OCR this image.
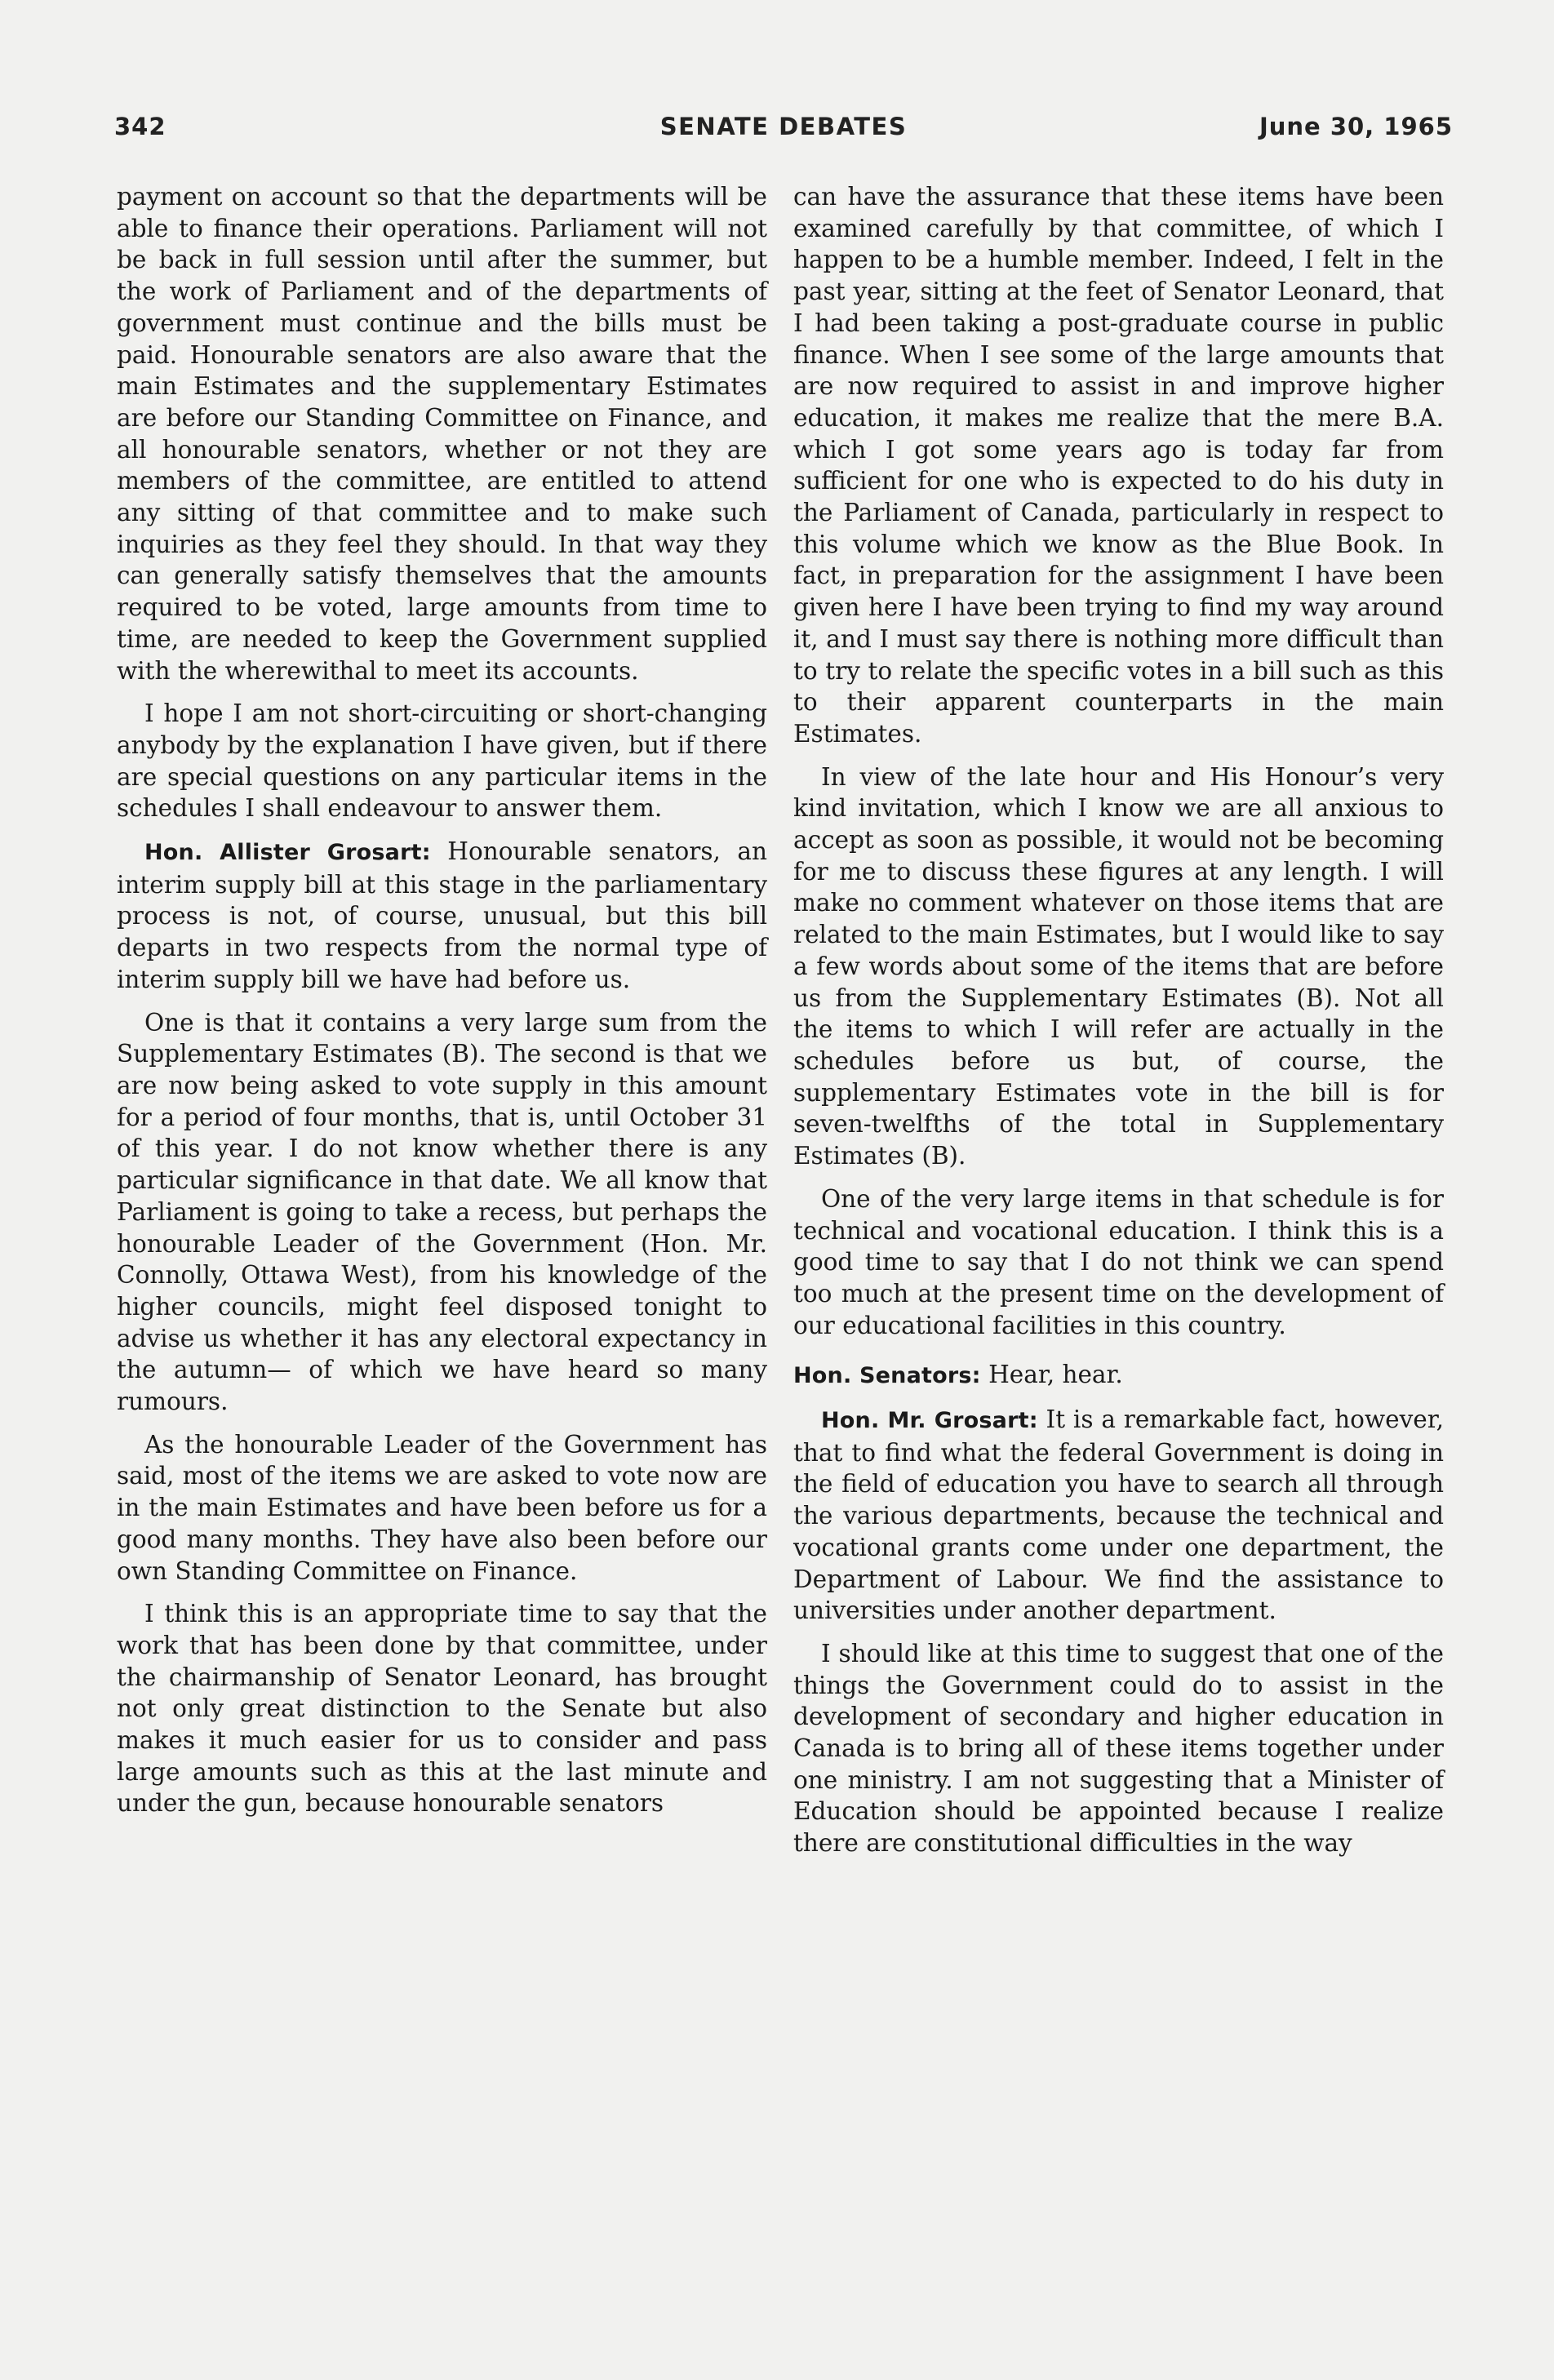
342	SENATE DEBATES	June 30, 1965

payment on account so that the departments will be able to finance their operations. Parliament will not be back in full session until after the summer, but the work of Parliament and of the departments of government must continue and the bills must be paid. Honourable senators are also aware that the main Estimates and the supplementary Estimates are before our Standing Committee on Finance, and all honourable senators, whether or not they are members of the committee, are entitled to attend any sitting of that committee and to make such inquiries as they feel they should. In that way they can generally satisfy themselves that the amounts required to be voted, large amounts from time to time, are needed to keep the Government supplied with the wherewithal to meet its accounts.

I hope I am not short-circuiting or short-changing anybody by the explanation I have given, but if there are special questions on any particular items in the schedules I shall endeavour to answer them.

Hon. Allister Grosart: Honourable senators, an interim supply bill at this stage in the parliamentary process is not, of course, unusual, but this bill departs in two respects from the normal type of interim supply bill we have had before us.

One is that it contains a very large sum from the Supplementary Estimates (B). The second is that we are now being asked to vote supply in this amount for a period of four months, that is, until October 31 of this year. I do not know whether there is any particular significance in that date. We all know that Parliament is going to take a recess, but perhaps the honourable Leader of the Government (Hon. Mr. Connolly, Ottawa West), from his knowledge of the higher councils, might feel disposed tonight to advise us whether it has any electoral expectancy in the autumn— of which we have heard so many rumours.

As the honourable Leader of the Government has said, most of the items we are asked to vote now are in the main Estimates and have been before us for a good many months. They have also been before our own Standing Committee on Finance.

I think this is an appropriate time to say that the work that has been done by that committee, under the chairmanship of Senator Leonard, has brought not only great distinction to the Senate but also makes it much easier for us to consider and pass large amounts such as this at the last minute and under the gun, because honourable senators

can have the assurance that these items have been examined carefully by that committee, of which I happen to be a humble member. Indeed, I felt in the past year, sitting at the feet of Senator Leonard, that I had been taking a post-graduate course in public finance. When I see some of the large amounts that are now required to assist in and improve higher education, it makes me realize that the mere B.A. which I got some years ago is today far from sufficient for one who is expected to do his duty in the Parliament of Canada, particularly in respect to this volume which we know as the Blue Book. In fact, in preparation for the assignment I have been given here I have been trying to find my way around it, and I must say there is nothing more difficult than to try to relate the specific votes in a bill such as this to their apparent counterparts in the main Estimates.

In view of the late hour and His Honour’s very kind invitation, which I know we are all anxious to accept as soon as possible, it would not be becoming for me to discuss these figures at any length. I will make no comment whatever on those items that are related to the main Estimates, but I would like to say a few words about some of the items that are before us from the Supplementary Estimates (B). Not all the items to which I will refer are actually in the schedules before us but, of course, the supplementary Estimates vote in the bill is for seven-twelfths of the total in Supplementary Estimates (B).

One of the very large items in that schedule is for technical and vocational education. I think this is a good time to say that I do not think we can spend too much at the present time on the development of our educational facilities in this country.

Hon. Senators: Hear, hear.

Hon. Mr. Grosart: It is a remarkable fact, however, that to find what the federal Government is doing in the field of education you have to search all through the various departments, because the technical and vocational grants come under one department, the Department of Labour. We find the assistance to universities under another department.

I should like at this time to suggest that one of the things the Government could do to assist in the development of secondary and higher education in Canada is to bring all of these items together under one ministry. I am not suggesting that a Minister of Education should be appointed because I realize there are constitutional difficulties in the way
